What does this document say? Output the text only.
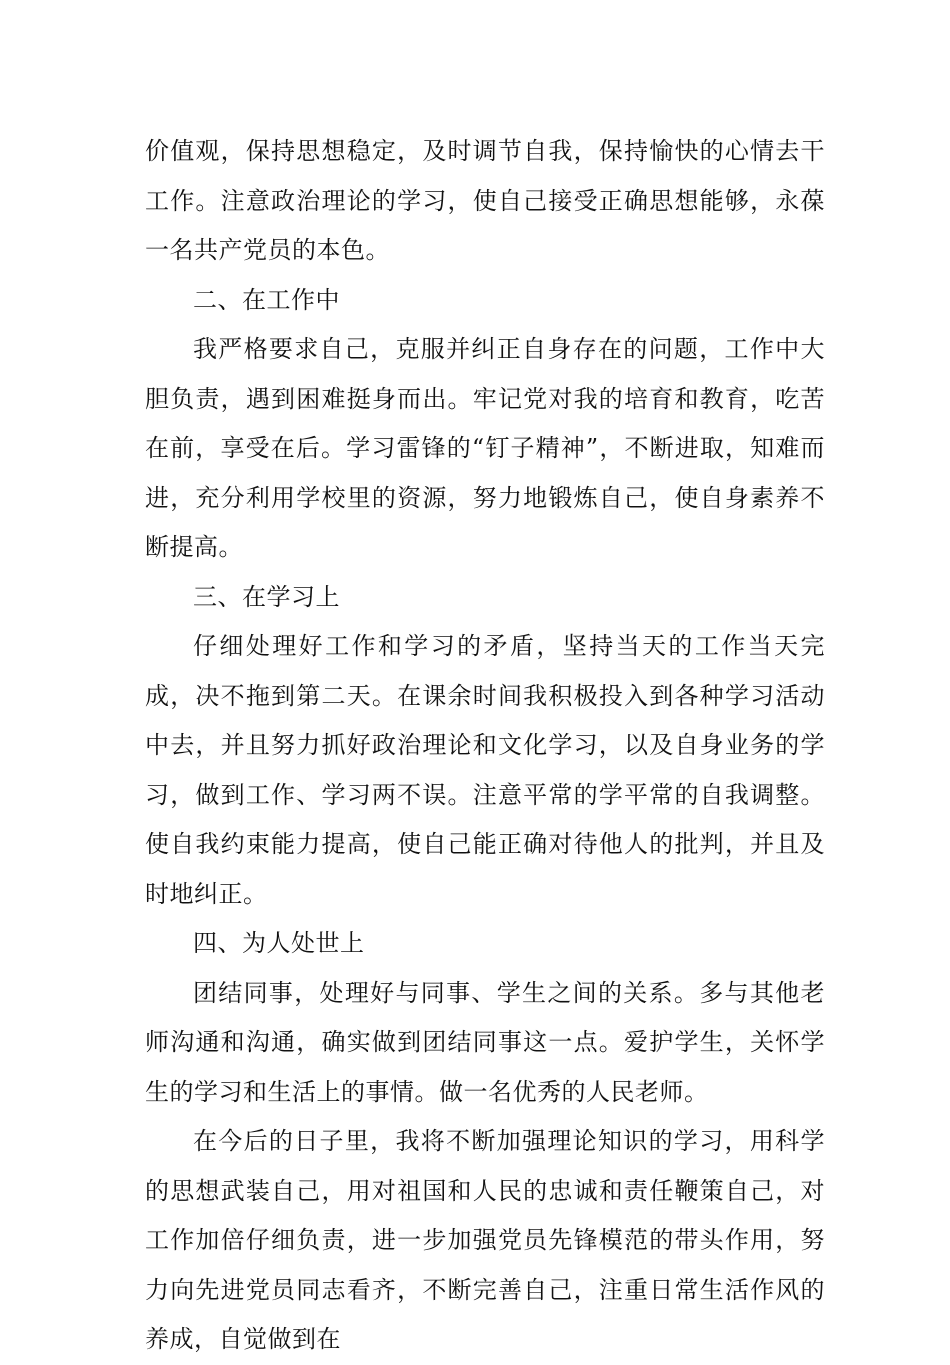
价值观，保持思想稳定，及时调节自我，保持愉快的心情去干工作。注意政治理论的学习，使自己接受正确思想能够，永葆一名共产党员的本色。

二、在工作中

我严格要求自己，克服并纠正自身存在的问题，工作中大胆负责，遇到困难挺身而出。牢记党对我的培育和教育，吃苦在前，享受在后。学习雷锋的“钉子精神”，不断进取，知难而进，充分利用学校里的资源，努力地锻炼自己，使自身素养不断提高。

三、在学习上

仔细处理好工作和学习的矛盾，坚持当天的工作当天完成，决不拖到第二天。在课余时间我积极投入到各种学习活动中去，并且努力抓好政治理论和文化学习，以及自身业务的学习，做到工作、学习两不误。注意平常的学平常的自我调整。使自我约束能力提高，使自己能正确对待他人的批判，并且及时地纠正。

四、为人处世上

团结同事，处理好与同事、学生之间的关系。多与其他老师沟通和沟通，确实做到团结同事这一点。爱护学生，关怀学生的学习和生活上的事情。做一名优秀的人民老师。

在今后的日子里，我将不断加强理论知识的学习，用科学的思想武装自己，用对祖国和人民的忠诚和责任鞭策自己，对工作加倍仔细负责，进一步加强党员先锋模范的带头作用，努力向先进党员同志看齐，不断完善自己，注重日常生活作风的养成，自觉做到在
